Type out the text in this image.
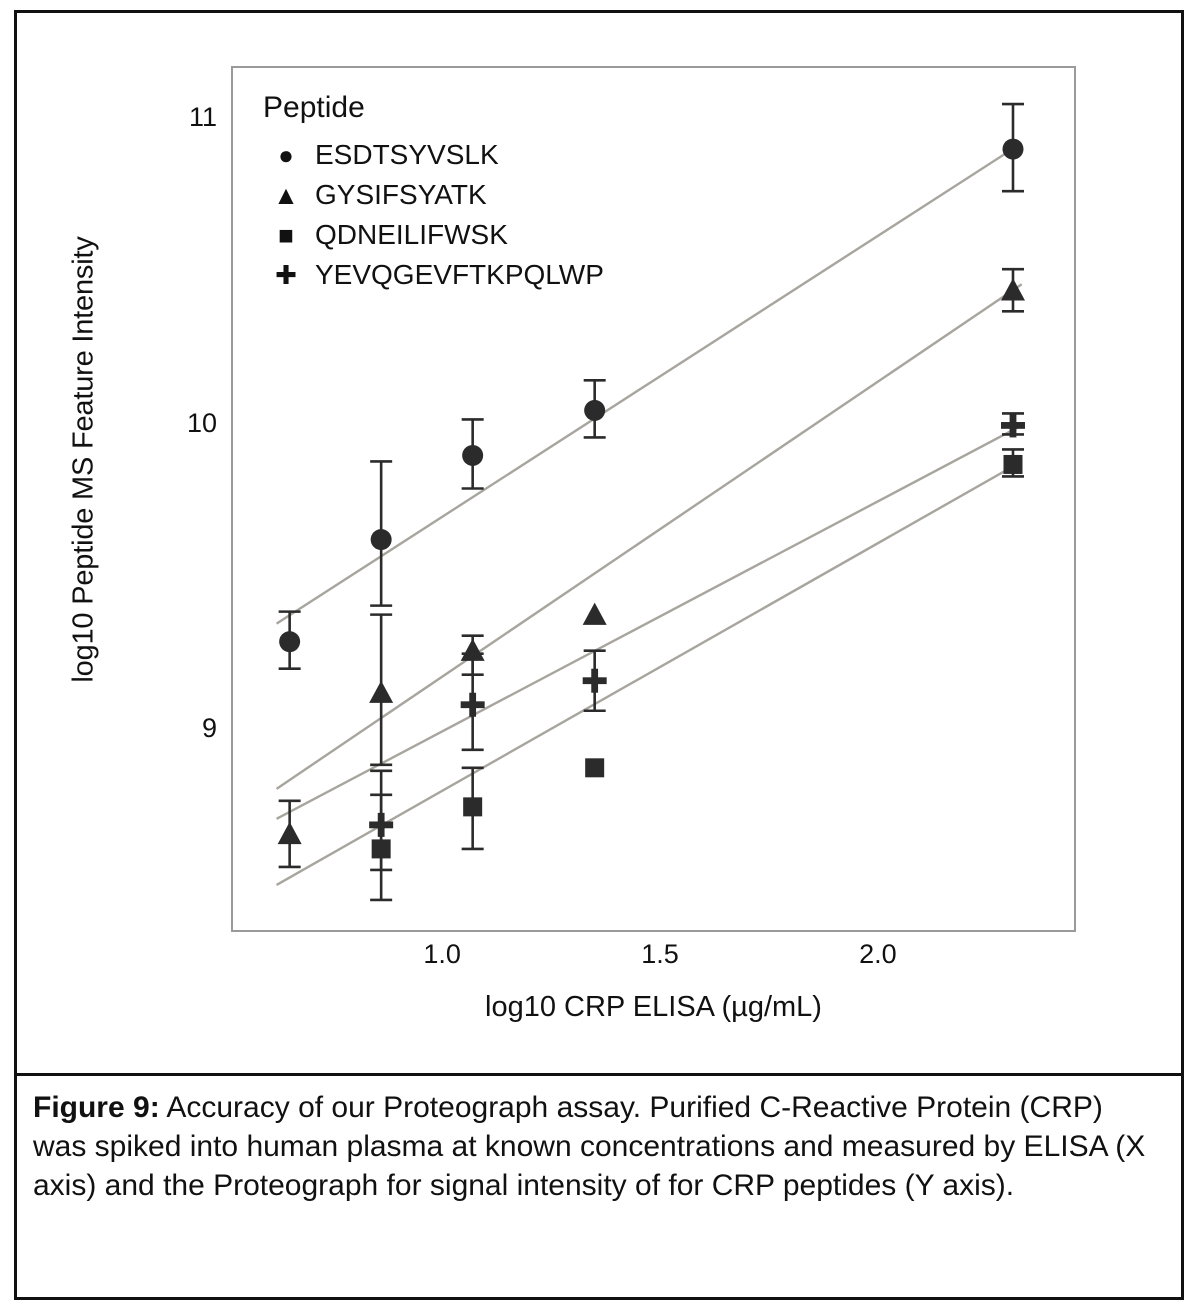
log10 Peptide MS Feature Intensity
11
10
9
Peptide
● ESDTSYVSLK
▲ GYSIFSYATK
■ QDNEILIFWSK
✚ YEVQGEVFTKPQLWP
1.0	1.5	2.0
log10 CRP ELISA (µg/mL)
Figure 9: Accuracy of our Proteograph assay. Purified C-Reactive Protein (CRP) was spiked into human plasma at known concentrations and measured by ELISA (X axis) and the Proteograph for signal intensity of for CRP peptides (Y axis).
